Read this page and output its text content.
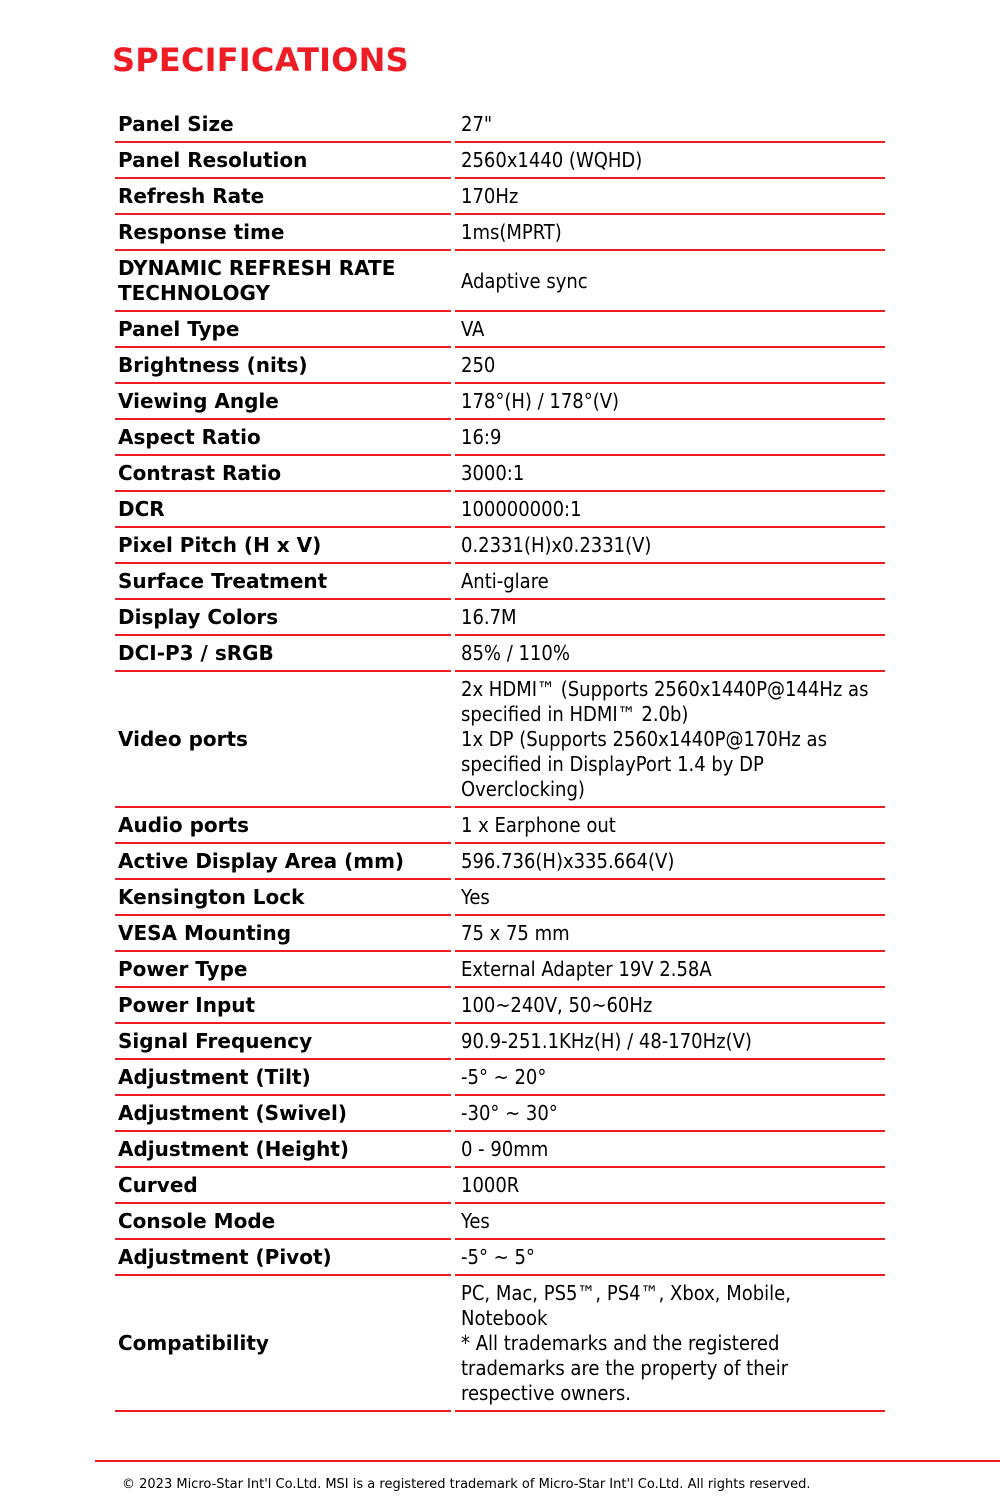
SPECIFICATIONS
Panel Size		27"

Panel Resolution		2560x1440 (WQHD)

Refresh Rate		170Hz

Response time		1ms(MPRT)

DYNAMIC REFRESH RATE TECHNOLOGY		Adaptive sync

Panel Type		VA

Brightness (nits)		250

Viewing Angle		178°(H) / 178°(V)

Aspect Ratio		16:9

Contrast Ratio		3000:1

DCR		100000000:1

Pixel Pitch (H x V)		0.2331(H)x0.2331(V)

Surface Treatment		Anti-glare

Display Colors		16.7M

DCI-P3 / sRGB		85% / 110%

Video ports		2x HDMI™ (Supports 2560x1440P@144Hz as specified in HDMI™ 2.0b)
1x DP (Supports 2560x1440P@170Hz as specified in DisplayPort 1.4 by DP Overclocking)

Audio ports		1 x Earphone out

Active Display Area (mm)		596.736(H)x335.664(V)

Kensington Lock		Yes

VESA Mounting		75 x 75 mm

Power Type		External Adapter 19V 2.58A

Power Input		100~240V, 50~60Hz

Signal Frequency		90.9-251.1KHz(H) / 48-170Hz(V)

Adjustment (Tilt)		-5° ~ 20°

Adjustment (Swivel)		-30° ~ 30°

Adjustment (Height)		0 - 90mm

Curved		1000R

Console Mode		Yes

Adjustment (Pivot)		-5° ~ 5°

Compatibility		PC, Mac, PS5™, PS4™, Xbox, Mobile, Notebook
* All trademarks and the registered trademarks are the property of their respective owners.
© 2023 Micro-Star Int'l Co.Ltd. MSI is a registered trademark of Micro-Star Int'l Co.Ltd. All rights reserved.
